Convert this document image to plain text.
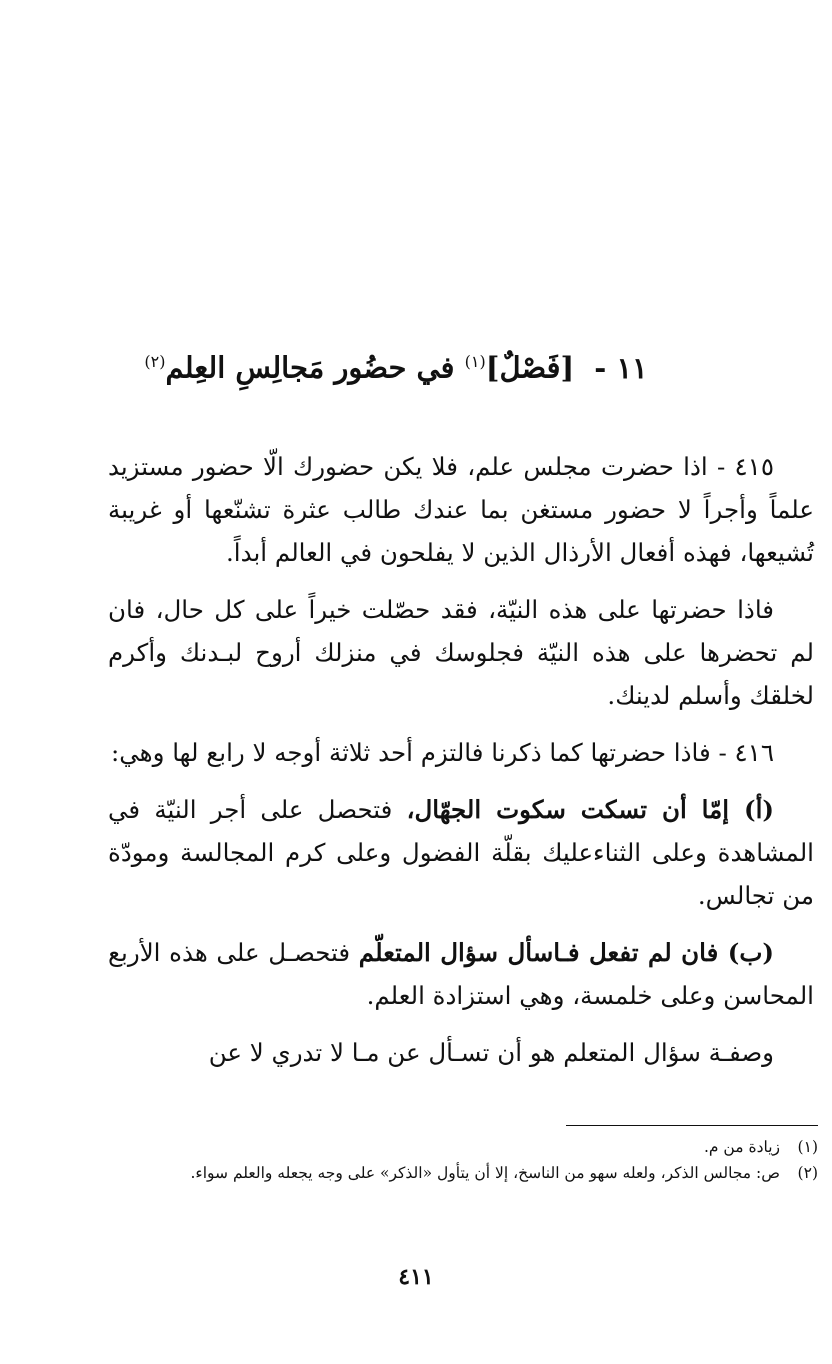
١١ - [فَصْلٌ]$^{(١)}$ في حضُور مَجالِسِ العِلم$^{(٢)}$

٤١٥ - اذا حضرت مجلس علم، فلا يكن حضورك الّا حضور مستزيد علماً وأجراً لا حضور مستغن بما عندك طالب عثرة تشنّعها أو غريبة تُشيعها، فهذه أفعال الأرذال الذين لا يفلحون في العالم أبداً.

فاذا حضرتها على هذه النيّة، فقد حصّلت خيراً على كل حال، فان لم تحضرها على هذه النيّة فجلوسك في منزلك أروح لبـدنك وأكرم لخلقك وأسلم لدينك.

٤١٦ - فاذا حضرتها كما ذكرنا فالتزم أحد ثلاثة أوجه لا رابع لها وهي:

(أ) إمّا أن تسكت سكوت الجهّال، فتحصل على أجر النيّة في المشاهدة وعلى الثناءعليك بقلّة الفضول وعلى كرم المجالسة ومودّة من تجالس.

(ب) فان لم تفعل فـاسأل سؤال المتعلّم فتحصـل على هذه الأربع المحاسن وعلى خلمسة، وهي استزادة العلم.

وصفـة سؤال المتعلم هو أن تسـأل عن مـا لا تدري لا عن

(١)
زيادة من م.
(٢)
ص: مجالس الذكر، ولعله سهو من الناسخ، إلا أن يتأول «الذكر» على وجه يجعله والعلم سواء.
٤١١
